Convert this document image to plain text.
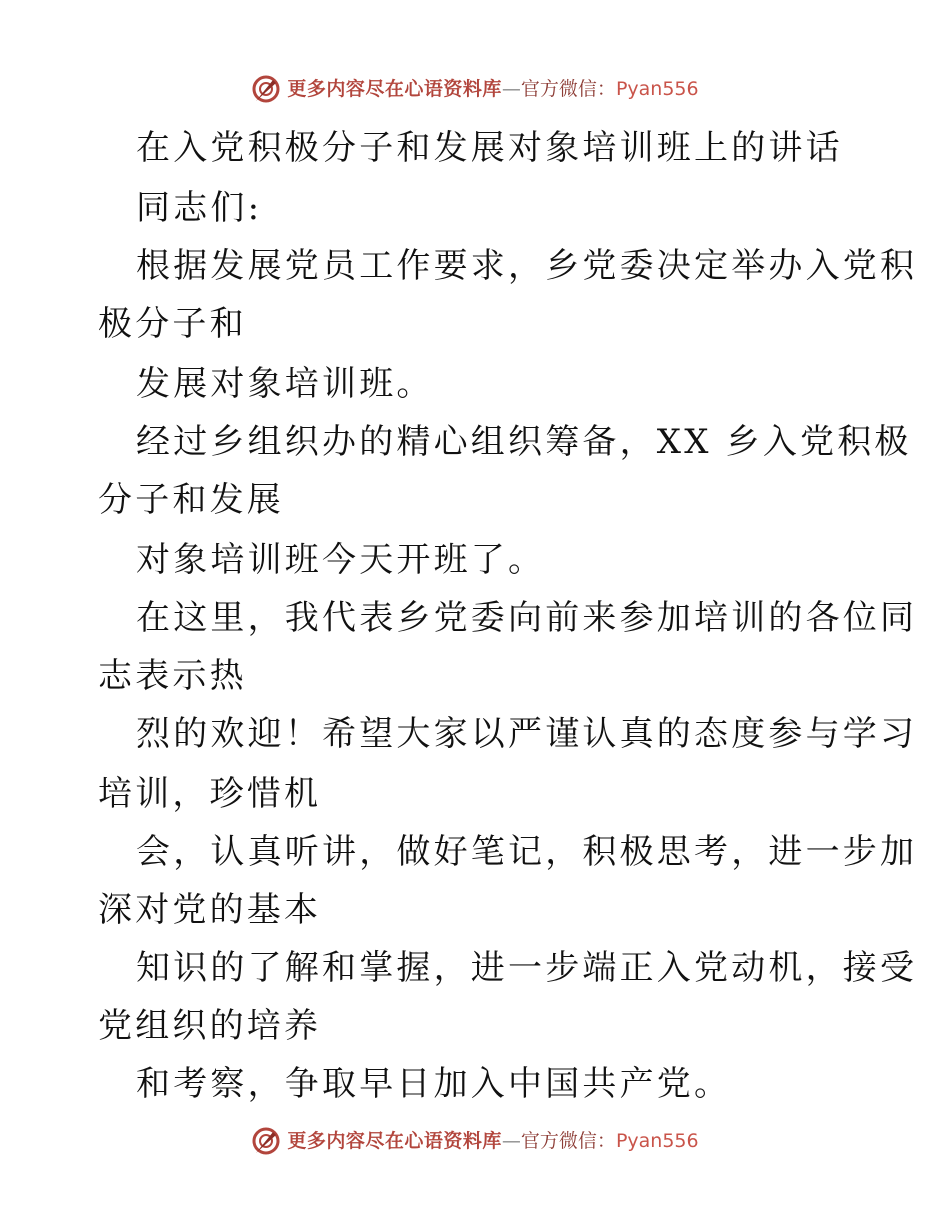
更多内容尽在心语资料库 — 官方微信： Pyan556
在入党积极分子和发展对象培训班上的讲话
同志们:
根据发展党员工作要求，乡党委决定举办入党积
极分子和
发展对象培训班。
经过乡组织办的精心组织筹备，XX 乡入党积极
分子和发展
对象培训班今天开班了。
在这里，我代表乡党委向前来参加培训的各位同
志表示热
烈的欢迎！希望大家以严谨认真的态度参与学习
培训，珍惜机
会，认真听讲，做好笔记，积极思考，进一步加
深对党的基本
知识的了解和掌握，进一步端正入党动机，接受
党组织的培养
和考察，争取早日加入中国共产党。
更多内容尽在心语资料库 — 官方微信： Pyan556
